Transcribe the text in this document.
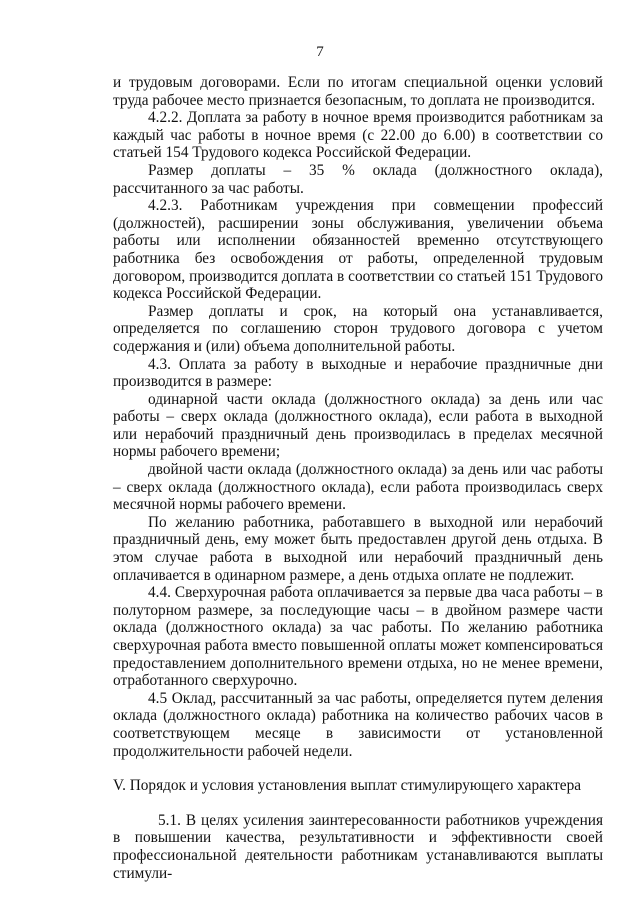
7

и трудовым договорами. Если по итогам специальной оценки условий труда рабочее место признается безопасным, то доплата не производится.

4.2.2. Доплата за работу в ночное время производится работникам за каждый час работы в ночное время (с 22.00 до 6.00) в соответствии со статьей 154 Трудового кодекса Российской Федерации.

Размер доплаты – 35 % оклада (должностного оклада), рассчитанного за час работы.

4.2.3. Работникам учреждения при совмещении профессий (должностей), расширении зоны обслуживания, увеличении объема работы или исполнении обязанностей временно отсутствующего работника без освобождения от работы, определенной трудовым договором, производится доплата в соответствии со статьей 151 Трудового кодекса Российской Федерации.

Размер доплаты и срок, на который она устанавливается, определяется по соглашению сторон трудового договора с учетом содержания и (или) объема дополнительной работы.

4.3. Оплата за работу в выходные и нерабочие праздничные дни производится в размере:

одинарной части оклада (должностного оклада) за день или час работы – сверх оклада (должностного оклада), если работа в выходной или нерабочий праздничный день производилась в пределах месячной нормы рабочего времени;

двойной части оклада (должностного оклада) за день или час работы – сверх оклада (должностного оклада), если работа производилась сверх месячной нормы рабочего времени.

По желанию работника, работавшего в выходной или нерабочий праздничный день, ему может быть предоставлен другой день отдыха. В этом случае работа в выходной или нерабочий праздничный день оплачивается в одинарном размере, а день отдыха оплате не подлежит.

4.4. Сверхурочная работа оплачивается за первые два часа работы – в полуторном размере, за последующие часы – в двойном размере части оклада (должностного оклада) за час работы. По желанию работника сверхурочная работа вместо повышенной оплаты может компенсироваться предоставлением дополнительного времени отдыха, но не менее времени, отработанного сверхурочно.

4.5 Оклад, рассчитанный за час работы, определяется путем деления оклада (должностного оклада) работника на количество рабочих часов в соответствующем месяце в зависимости от установленной продолжительности рабочей недели.

V. Порядок и условия установления выплат стимулирующего характера

5.1. В целях усиления заинтересованности работников учреждения в повышении качества, результативности и эффективности своей профессиональной деятельности работникам устанавливаются выплаты стимули-
